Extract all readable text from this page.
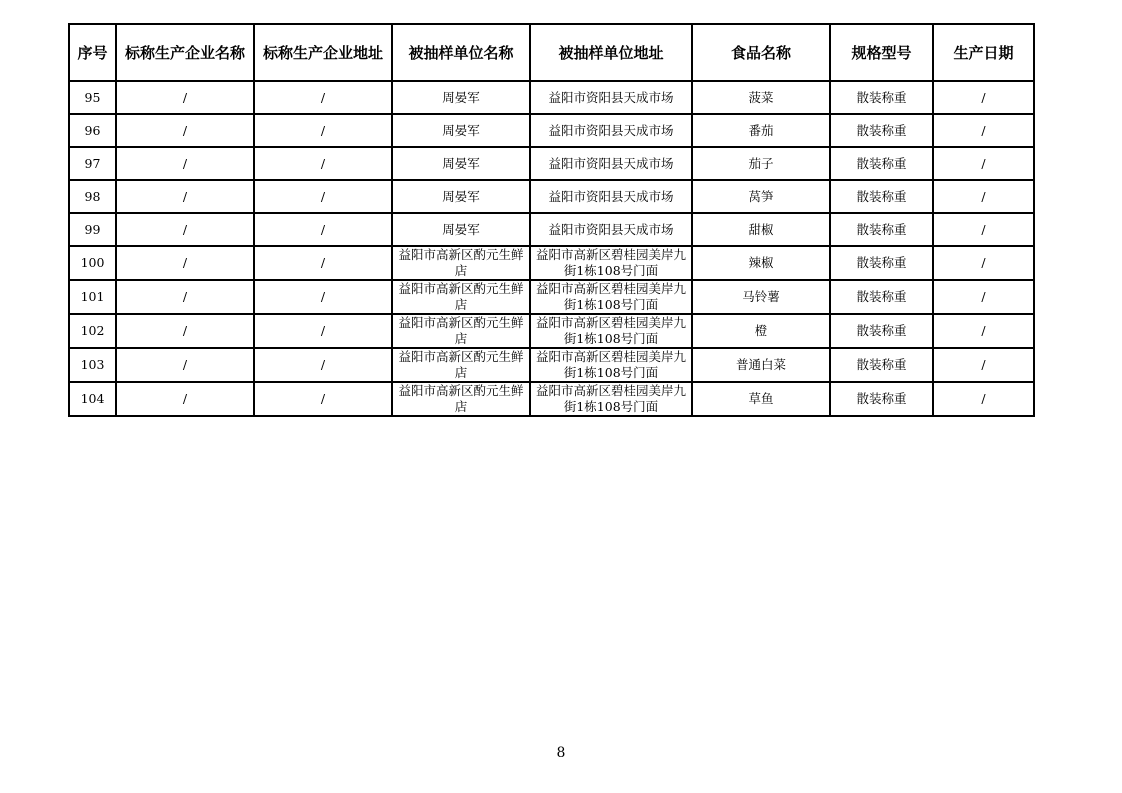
序号	标称生产企业名称	标称生产企业地址	被抽样单位名称	被抽样单位地址	食品名称	规格型号	生产日期
95	/	/	周晏军	益阳市资阳县天成市场	菠菜	散装称重	/
96	/	/	周晏军	益阳市资阳县天成市场	番茄	散装称重	/
97	/	/	周晏军	益阳市资阳县天成市场	茄子	散装称重	/
98	/	/	周晏军	益阳市资阳县天成市场	莴笋	散装称重	/
99	/	/	周晏军	益阳市资阳县天成市场	甜椒	散装称重	/
100	/	/	益阳市高新区酌元生鲜店	益阳市高新区碧桂园美岸九街1栋108号门面	辣椒	散装称重	/
101	/	/	益阳市高新区酌元生鲜店	益阳市高新区碧桂园美岸九街1栋108号门面	马铃薯	散装称重	/
102	/	/	益阳市高新区酌元生鲜店	益阳市高新区碧桂园美岸九街1栋108号门面	橙	散装称重	/
103	/	/	益阳市高新区酌元生鲜店	益阳市高新区碧桂园美岸九街1栋108号门面	普通白菜	散装称重	/
104	/	/	益阳市高新区酌元生鲜店	益阳市高新区碧桂园美岸九街1栋108号门面	草鱼	散装称重	/
8
